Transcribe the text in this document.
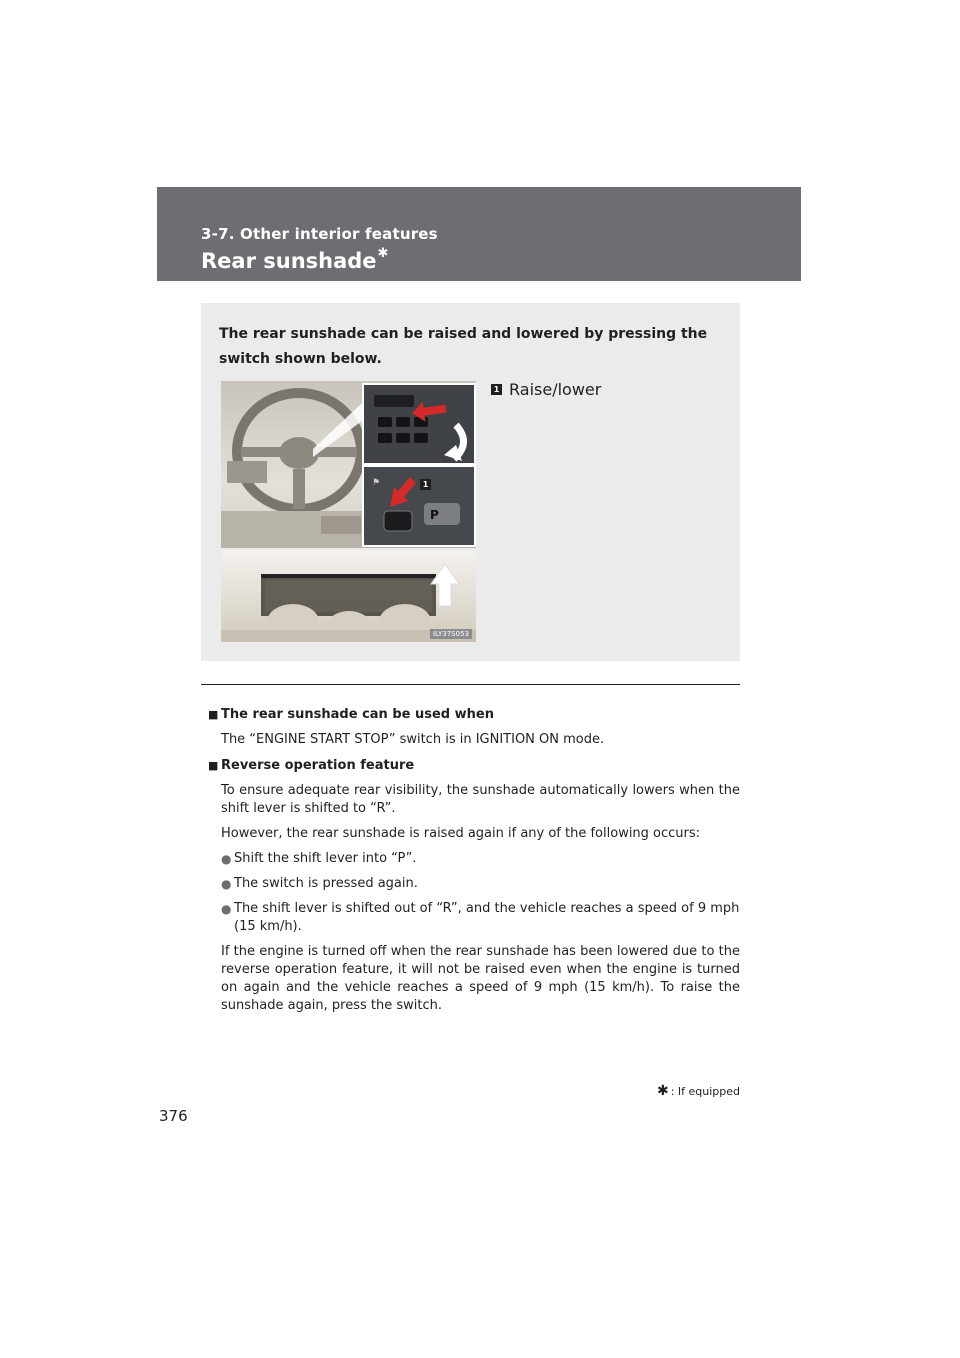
3-7. Other interior features
Rear sunshade✱
The rear sunshade can be raised and lowered by pressing the switch shown below.
1 Raise/lower
P
⚑	1
ILY37S053
■ The rear sunshade can be used when
The “ENGINE START STOP” switch is in IGNITION ON mode.
■ Reverse operation feature
To ensure adequate rear visibility, the sunshade automatically lowers when the shift lever is shifted to “R”.
However, the rear sunshade is raised again if any of the following occurs:
● Shift the shift lever into “P”.
● The switch is pressed again.
● The shift lever is shifted out of “R”, and the vehicle reaches a speed of 9 mph (15 km/h).
If the engine is turned off when the rear sunshade has been lowered due to the reverse operation feature, it will not be raised even when the engine is turned on again and the vehicle reaches a speed of 9 mph (15 km/h). To raise the sunshade again, press the switch.
✱ : If equipped
376
